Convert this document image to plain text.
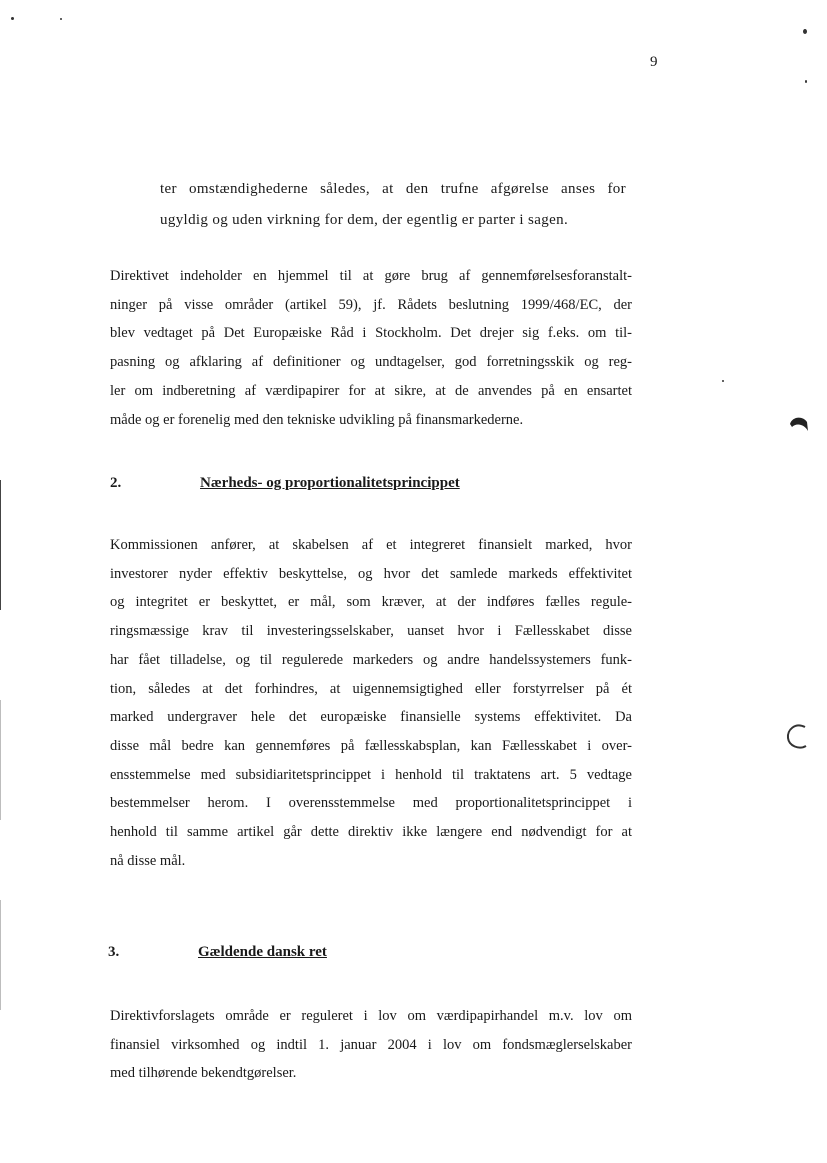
9
ter omstændighederne således, at den trufne afgørelse anses for
ugyldig og uden virkning for dem, der egentlig er parter i sagen.
Direktivet indeholder en hjemmel til at gøre brug af gennemførelsesforanstalt-
ninger på visse områder (artikel 59), jf. Rådets beslutning 1999/468/EC, der
blev vedtaget på Det Europæiske Råd i Stockholm. Det drejer sig f.eks. om til-
pasning og afklaring af definitioner og undtagelser, god forretningsskik og reg-
ler om indberetning af værdipapirer for at sikre, at de anvendes på en ensartet
måde og er forenelig med den tekniske udvikling på finansmarkederne.
2.	Nærheds- og proportionalitetsprincippet
Kommissionen anfører, at skabelsen af et integreret finansielt marked, hvor
investorer nyder effektiv beskyttelse, og hvor det samlede markeds effektivitet
og integritet er beskyttet, er mål, som kræver, at der indføres fælles regule-
ringsmæssige krav til investeringsselskaber, uanset hvor i Fællesskabet disse
har fået tilladelse, og til regulerede markeders og andre handelssystemers funk-
tion, således at det forhindres, at uigennemsigtighed eller forstyrrelser på ét
marked undergraver hele det europæiske finansielle systems effektivitet. Da
disse mål bedre kan gennemføres på fællesskabsplan, kan Fællesskabet i over-
ensstemmelse med subsidiaritetsprincippet i henhold til traktatens art. 5 vedtage
bestemmelser herom. I overensstemmelse med proportionalitetsprincippet i
henhold til samme artikel går dette direktiv ikke længere end nødvendigt for at
nå disse mål.
3.	Gældende dansk ret
Direktivforslagets område er reguleret i lov om værdipapirhandel m.v. lov om
finansiel virksomhed og indtil 1. januar 2004 i lov om fondsmæglerselskaber
med tilhørende bekendtgørelser.
